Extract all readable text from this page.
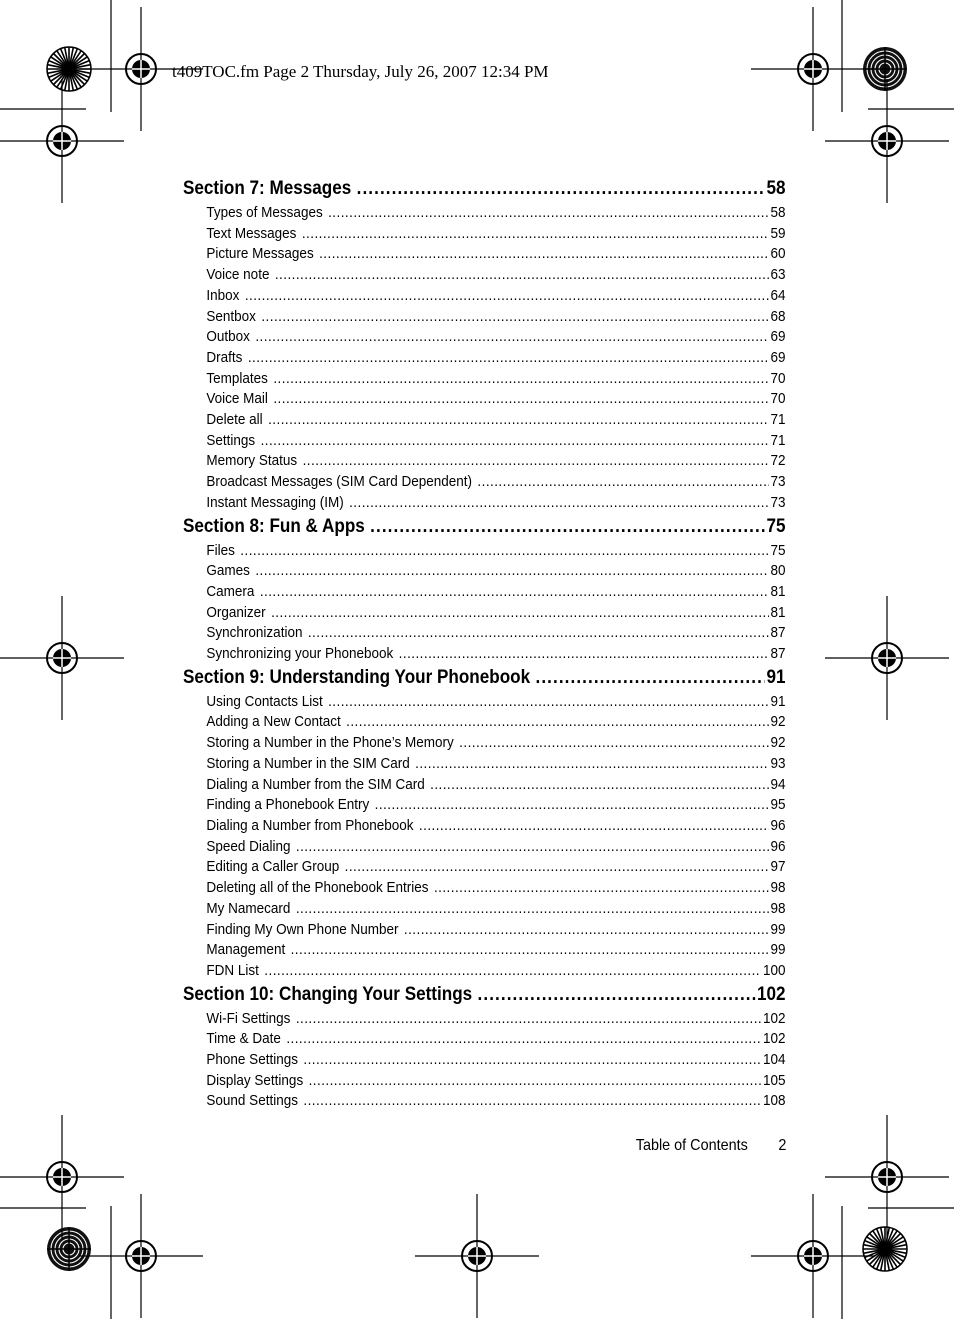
t409TOC.fm Page 2 Thursday, July 26, 2007 12:34 PM
Section 7: Messages .....	58
Types of Messages .....	58
Text Messages .....	59
Picture Messages .....	60
Voice note .....	63
Inbox .....	64
Sentbox .....	68
Outbox .....	69
Drafts .....	69
Templates .....	70
Voice Mail .....	70
Delete all .....	71
Settings .....	71
Memory Status .....	72
Broadcast Messages (SIM Card Dependent) .....	73
Instant Messaging (IM) .....	73
Section 8: Fun & Apps .....	75
Files .....	75
Games .....	80
Camera .....	81
Organizer .....	81
Synchronization .....	87
Synchronizing your Phonebook .....	87
Section 9: Understanding Your Phonebook .....	91
Using Contacts List .....	91
Adding a New Contact .....	92
Storing a Number in the Phone’s Memory .....	92
Storing a Number in the SIM Card .....	93
Dialing a Number from the SIM Card .....	94
Finding a Phonebook Entry .....	95
Dialing a Number from Phonebook .....	96
Speed Dialing .....	96
Editing a Caller Group .....	97
Deleting all of the Phonebook Entries .....	98
My Namecard .....	98
Finding My Own Phone Number .....	99
Management .....	99
FDN List .....	100
Section 10: Changing Your Settings .....	102
Wi-Fi Settings .....	102
Time & Date .....	102
Phone Settings .....	104
Display Settings .....	105
Sound Settings .....	108
Table of Contents 2
